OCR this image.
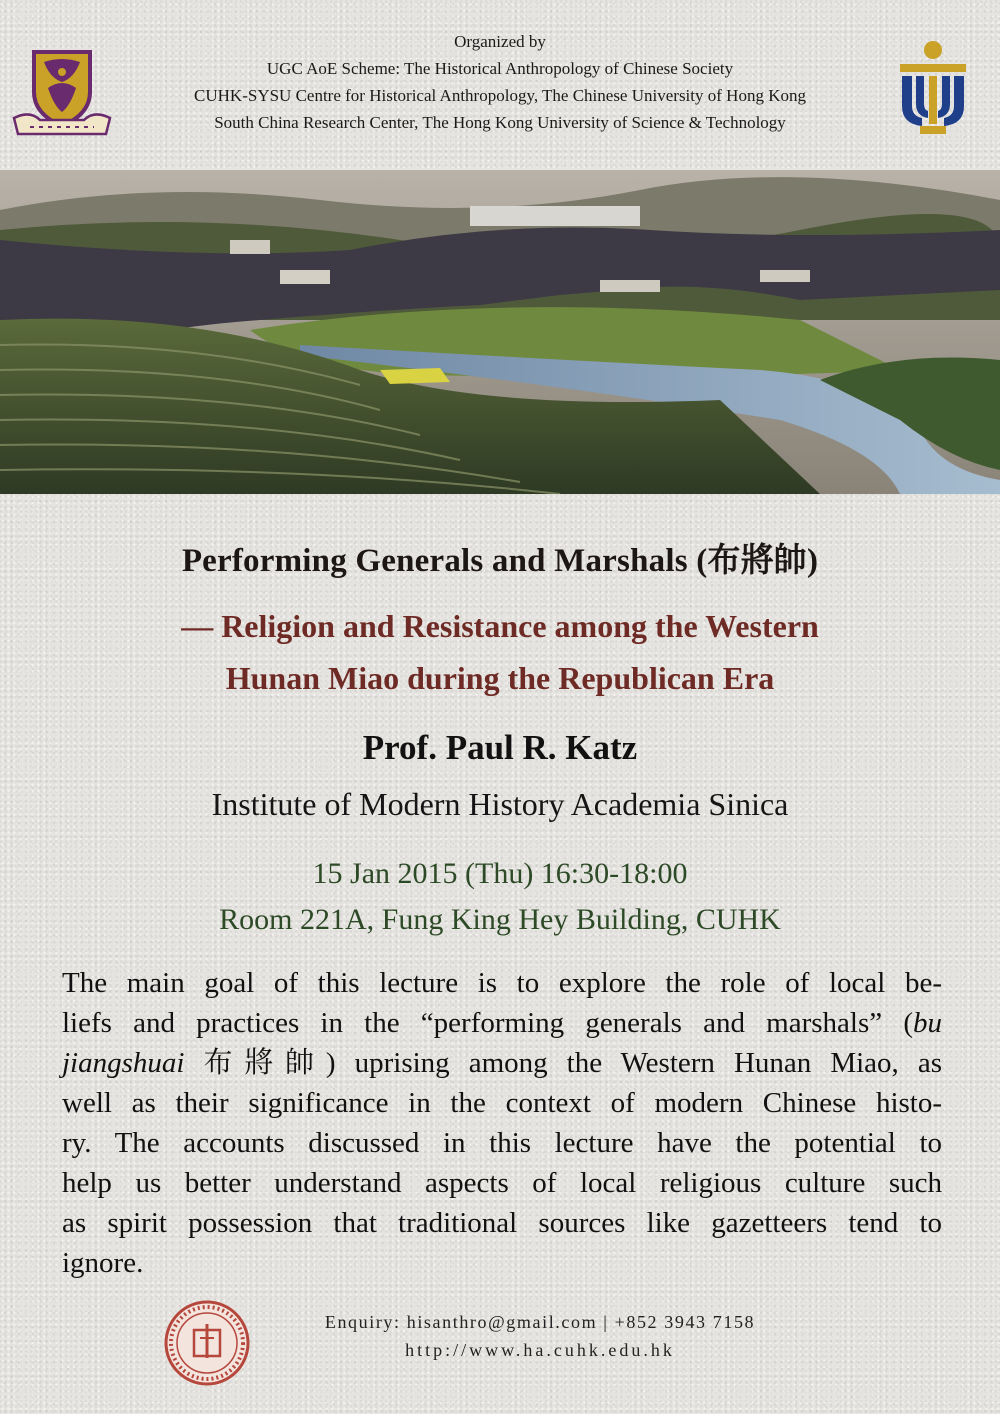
Organized by
UGC AoE Scheme: The Historical Anthropology of Chinese Society
CUHK-SYSU Centre for Historical Anthropology, The Chinese University of Hong Kong
South China Research Center, The Hong Kong University of Science & Technology
Performing Generals and Marshals (布將帥)
— Religion and Resistance among the Western
Hunan Miao during the Republican Era
Prof. Paul R. Katz
Institute of Modern History Academia Sinica
15 Jan 2015 (Thu) 16:30-18:00
Room 221A, Fung King Hey Building, CUHK
The main goal of this lecture is to explore the role of local be-
liefs and practices in the “performing generals and marshals” (bu
jiangshuai 布將帥) uprising among the Western Hunan Miao, as
well as their significance in the context of modern Chinese histo-
ry. The accounts discussed in this lecture have the potential to
help us better understand aspects of local religious culture such
as spirit possession that traditional sources like gazetteers tend to
ignore.
Enquiry: hisanthro@gmail.com | +852 3943 7158
http://www.ha.cuhk.edu.hk
